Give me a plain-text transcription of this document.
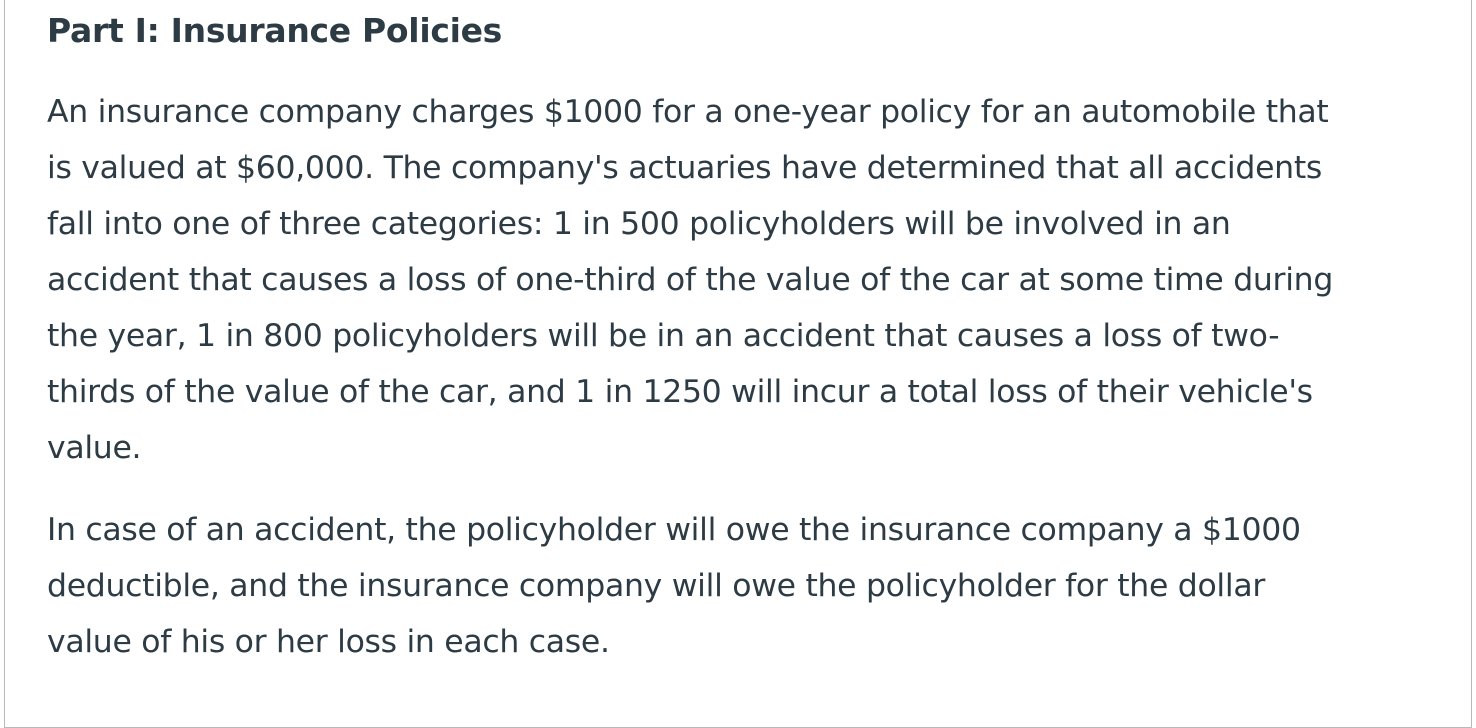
Part I: Insurance Policies

An insurance company charges $1000 for a one-year policy for an automobile that
is valued at $60,000. The company's actuaries have determined that all accidents
fall into one of three categories: 1 in 500 policyholders will be involved in an
accident that causes a loss of one-third of the value of the car at some time during
the year, 1 in 800 policyholders will be in an accident that causes a loss of two-
thirds of the value of the car, and 1 in 1250 will incur a total loss of their vehicle's
value.

In case of an accident, the policyholder will owe the insurance company a $1000
deductible, and the insurance company will owe the policyholder for the dollar
value of his or her loss in each case.
